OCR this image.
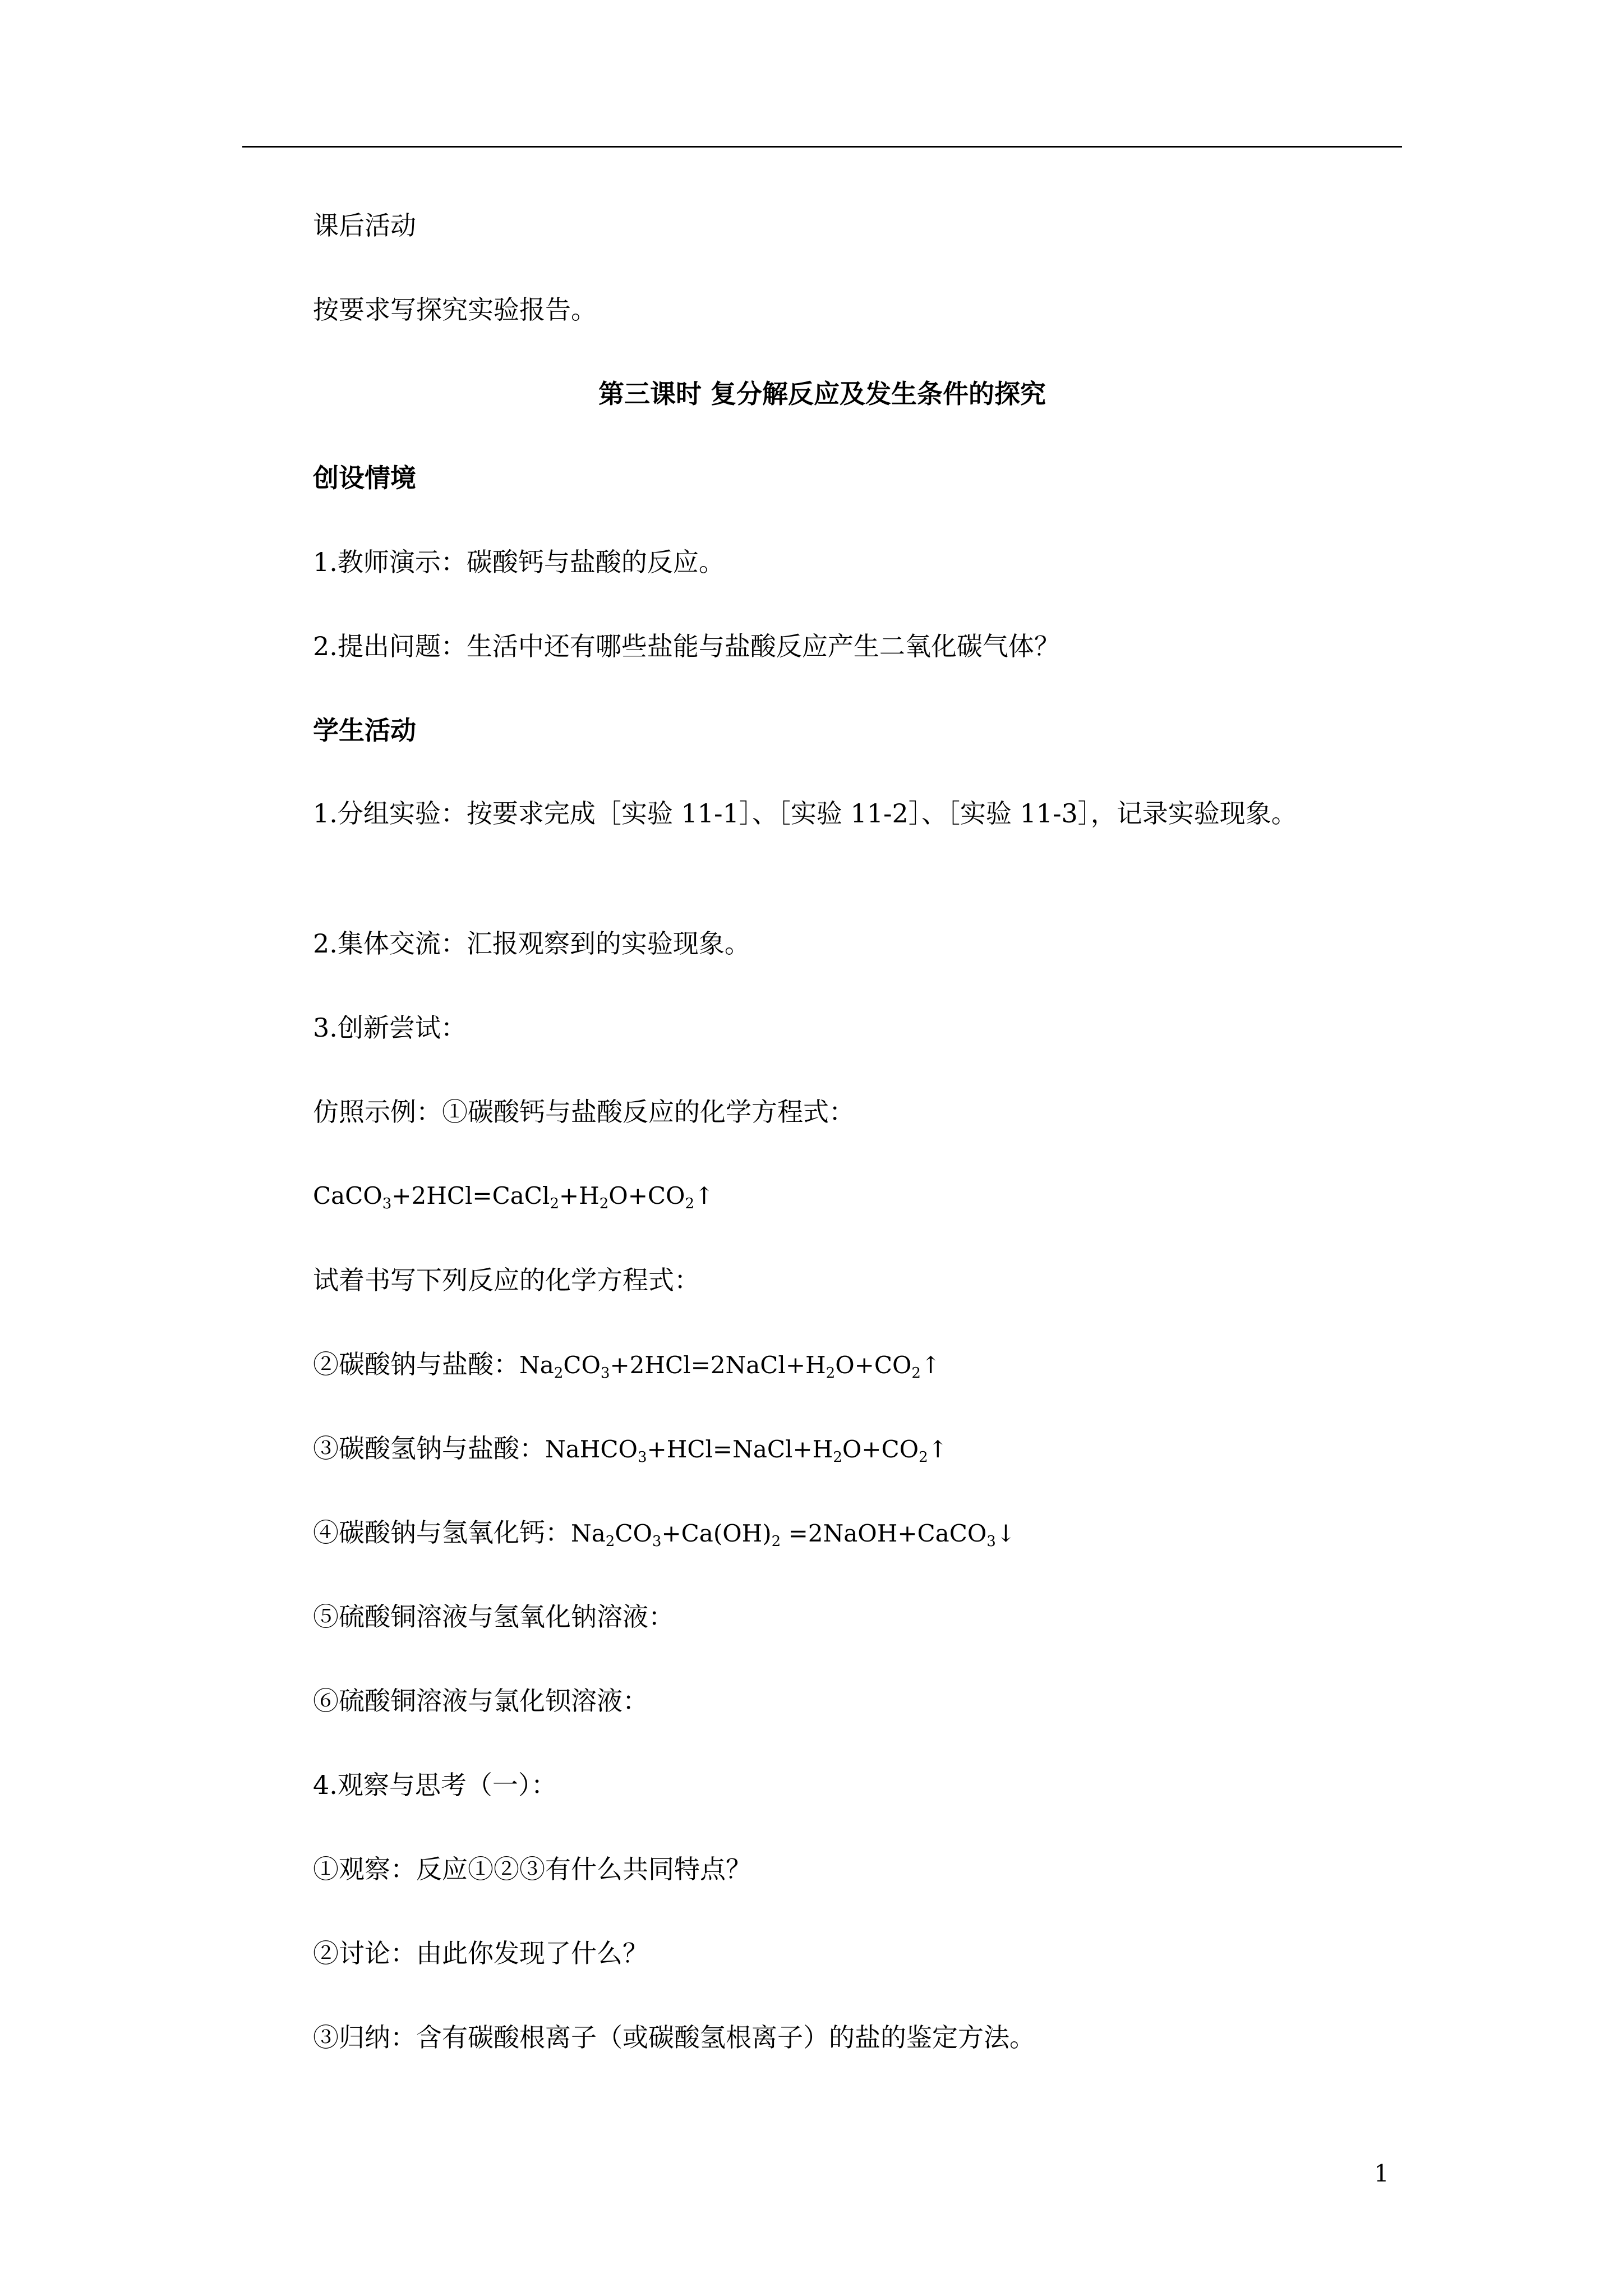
课后活动
按要求写探究实验报告。
第三课时 复分解反应及发生条件的探究
创设情境
1.教师演示：碳酸钙与盐酸的反应。
2.提出问题：生活中还有哪些盐能与盐酸反应产生二氧化碳气体？
学生活动
1.分组实验：按要求完成［实验 11-1］、［实验 11-2］、［实验 11-3］，记录实验现象。
2.集体交流：汇报观察到的实验现象。
3.创新尝试：
仿照示例：①碳酸钙与盐酸反应的化学方程式：
$CaCO_3+2HCl=CaCl_2+H_2O+CO_2↑$
试着书写下列反应的化学方程式：
②碳酸钠与盐酸：$Na_2CO_3+2HCl=2NaCl+H_2O+CO_2↑$
③碳酸氢钠与盐酸：$NaHCO_3+HCl=NaCl+H_2O+CO_2↑$
④碳酸钠与氢氧化钙：$Na_2CO_3+Ca(OH)_2$ =2NaOH+CaCO$_3$↓
⑤硫酸铜溶液与氢氧化钠溶液：
⑥硫酸铜溶液与氯化钡溶液：
4.观察与思考（一）：
①观察：反应①②③有什么共同特点？
②讨论：由此你发现了什么？
③归纳：含有碳酸根离子（或碳酸氢根离子）的盐的鉴定方法。
1
